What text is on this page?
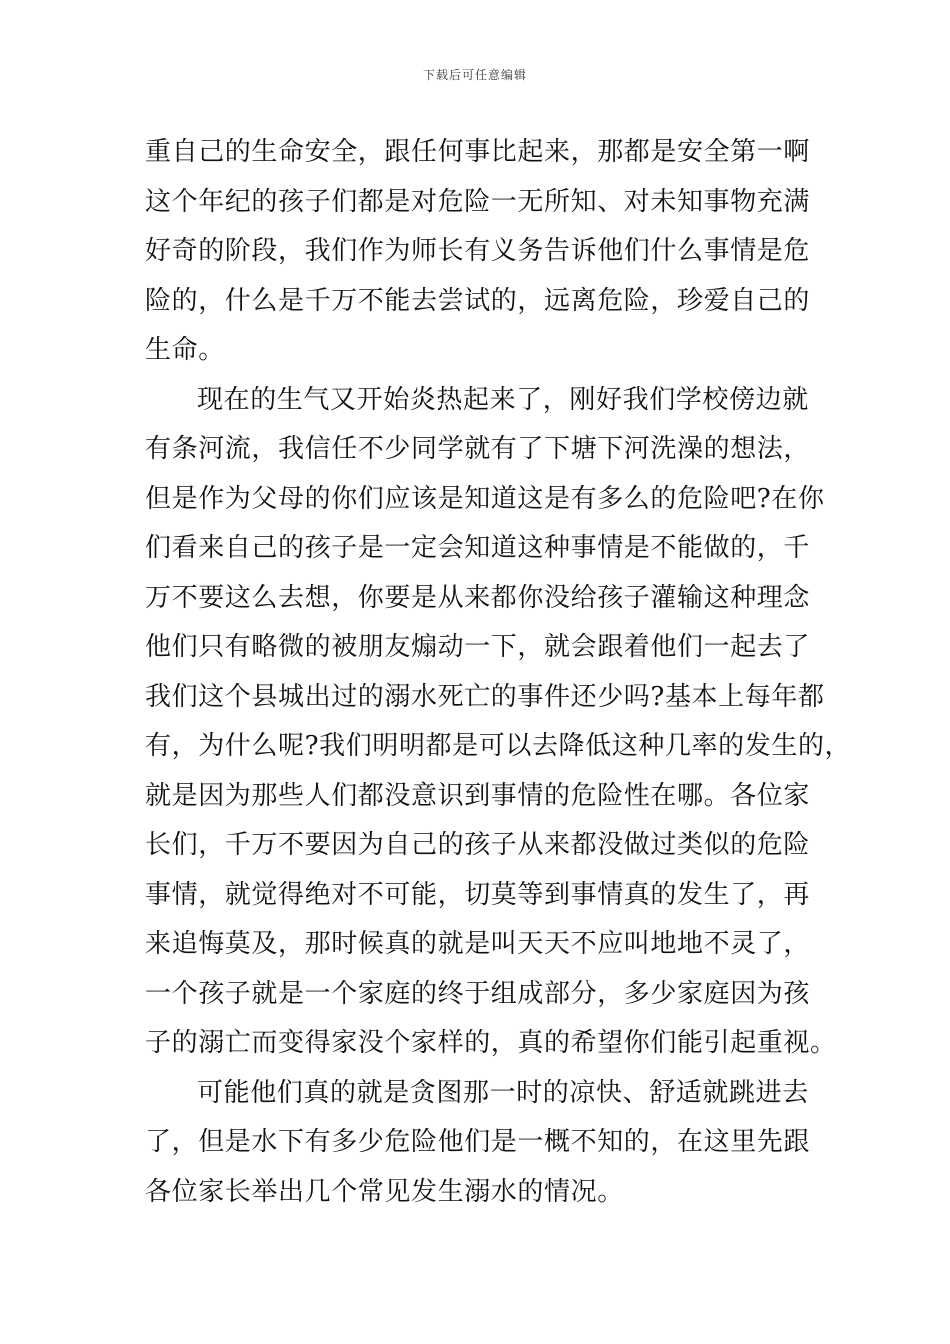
下载后可任意编辑
重自己的生命安全，跟任何事比起来，那都是安全第一啊
这个年纪的孩子们都是对危险一无所知、对未知事物充满
好奇的阶段，我们作为师长有义务告诉他们什么事情是危
险的，什么是千万不能去尝试的，远离危险，珍爱自己的
生命。
现在的生气又开始炎热起来了，刚好我们学校傍边就
有条河流，我信任不少同学就有了下塘下河洗澡的想法，
但是作为父母的你们应该是知道这是有多么的危险吧?在你
们看来自己的孩子是一定会知道这种事情是不能做的，千
万不要这么去想，你要是从来都你没给孩子灌输这种理念
他们只有略微的被朋友煽动一下，就会跟着他们一起去了
我们这个县城出过的溺水死亡的事件还少吗?基本上每年都
有，为什么呢?我们明明都是可以去降低这种几率的发生的，
就是因为那些人们都没意识到事情的危险性在哪。各位家
长们，千万不要因为自己的孩子从来都没做过类似的危险
事情，就觉得绝对不可能，切莫等到事情真的发生了，再
来追悔莫及，那时候真的就是叫天天不应叫地地不灵了，
一个孩子就是一个家庭的终于组成部分，多少家庭因为孩
子的溺亡而变得家没个家样的，真的希望你们能引起重视。
可能他们真的就是贪图那一时的凉快、舒适就跳进去
了，但是水下有多少危险他们是一概不知的，在这里先跟
各位家长举出几个常见发生溺水的情况。
